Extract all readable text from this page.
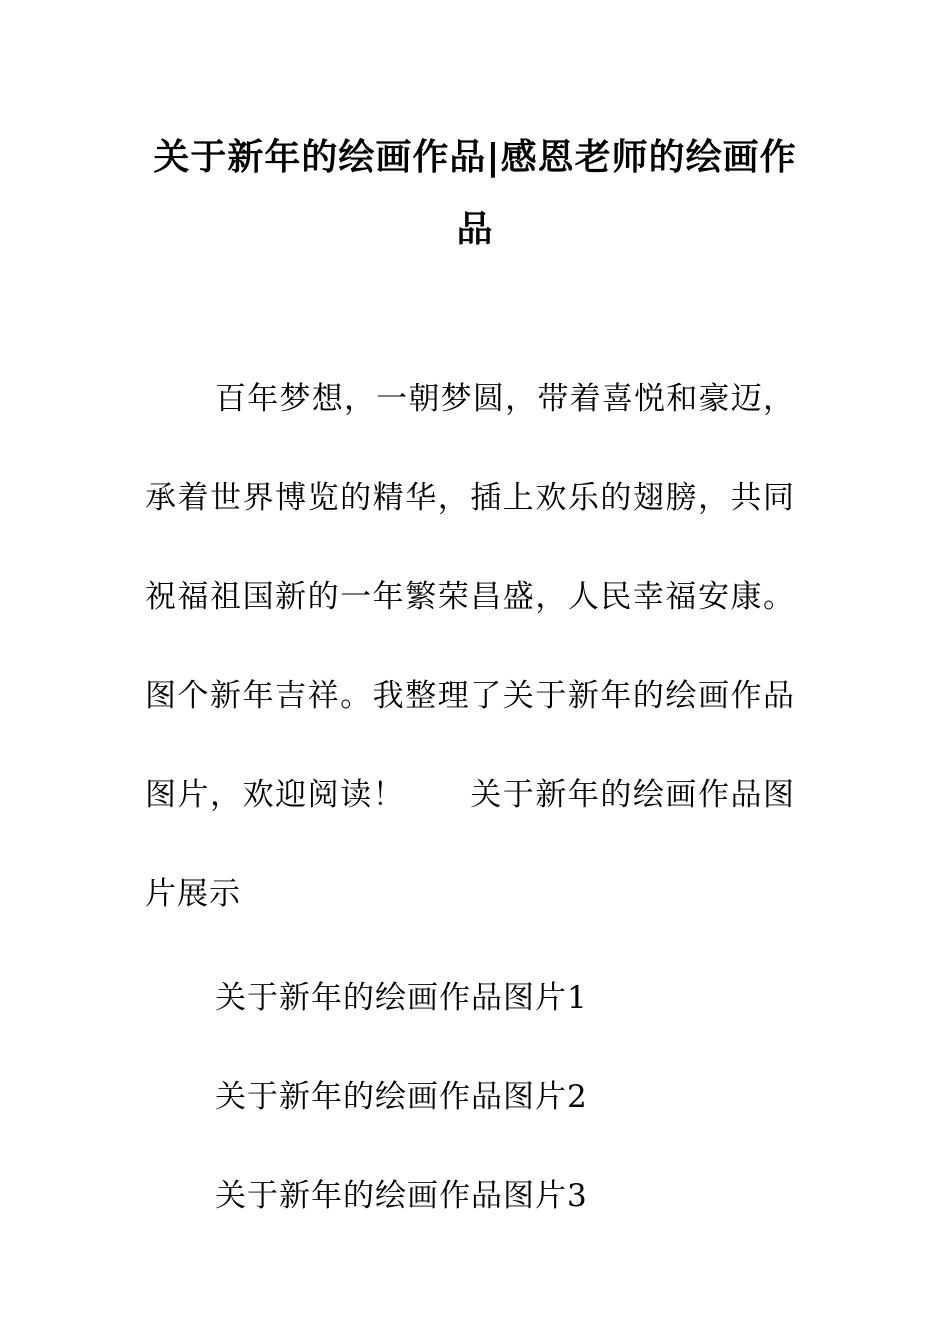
关于新年的绘画作品|感恩老师的绘画作品

百年梦想，一朝梦圆，带着喜悦和豪迈，承着世界博览的精华，插上欢乐的翅膀，共同祝福祖国新的一年繁荣昌盛，人民幸福安康。图个新年吉祥。我整理了关于新年的绘画作品图片，欢迎阅读！　　关于新年的绘画作品图片展示

关于新年的绘画作品图片1

关于新年的绘画作品图片2

关于新年的绘画作品图片3
